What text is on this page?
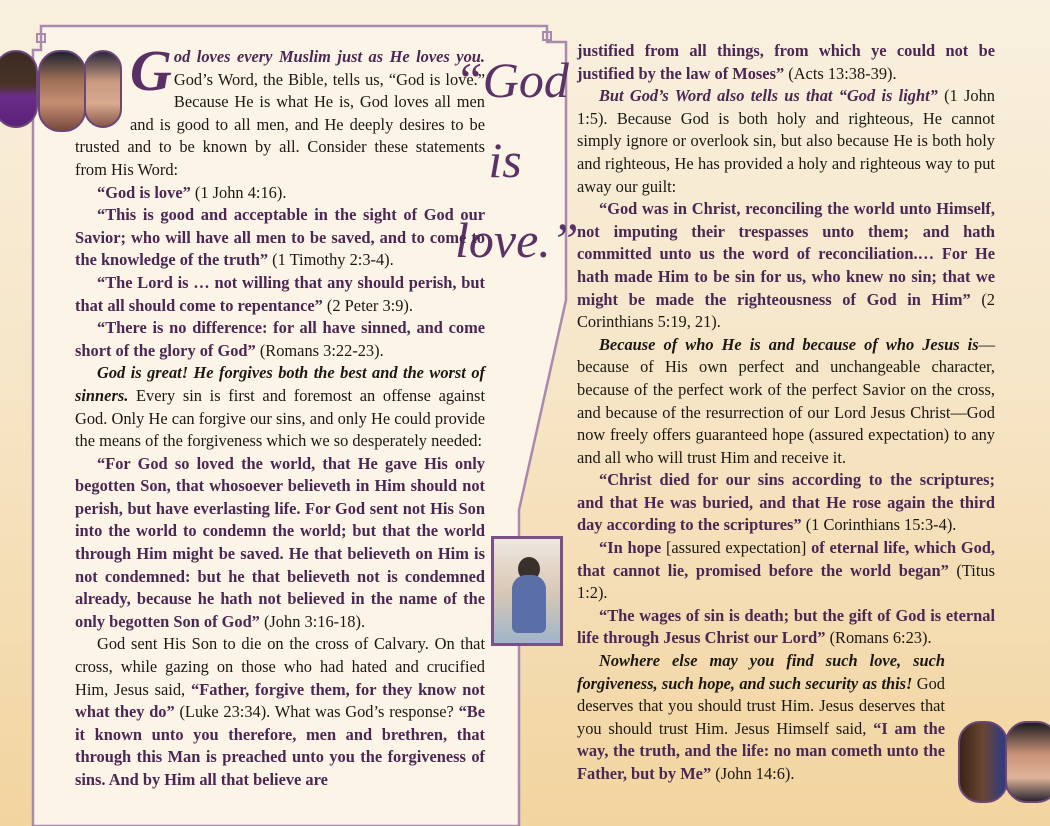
“God
is
love.”
G od loves every Muslim just as He loves you. God’s Word, the Bible, tells us, “God is love.” Because He is what He is, God loves all men and is good to all men, and He deeply desires to be trusted and to be known by all. Consider these statements from His Word:

“God is love” (1 John 4:16).

“This is good and acceptable in the sight of God our Savior; who will have all men to be saved, and to come to the knowledge of the truth” (1 Timothy 2:3-4).

“The Lord is … not willing that any should perish, but that all should come to repentance” (2 Peter 3:9).

“There is no difference: for all have sinned, and come short of the glory of God” (Romans 3:22-23).

God is great! He forgives both the best and the worst of sinners. Every sin is first and foremost an offense against God. Only He can forgive our sins, and only He could provide the means of the forgiveness which we so desperately needed:

“For God so loved the world, that He gave His only begotten Son, that whosoever believeth in Him should not perish, but have everlasting life. For God sent not His Son into the world to condemn the world; but that the world through Him might be saved. He that believeth on Him is not condemned: but he that believeth not is condemned already, because he hath not believed in the name of the only begotten Son of God” (John 3:16-18).

God sent His Son to die on the cross of Calvary. On that cross, while gazing on those who had hated and crucified Him, Jesus said, “Father, forgive them, for they know not what they do” (Luke 23:34). What was God’s response? “Be it known unto you therefore, men and brethren, that through this Man is preached unto you the forgiveness of sins. And by Him all that believe are

justified from all things, from which ye could not be justified by the law of Moses” (Acts 13:38-39).

But God’s Word also tells us that “God is light” (1 John 1:5). Because God is both holy and righteous, He cannot simply ignore or overlook sin, but also because He is both holy and righteous, He has provided a holy and righteous way to put away our guilt:

“God was in Christ, reconciling the world unto Himself, not imputing their trespasses unto them; and hath committed unto us the word of reconciliation.… For He hath made Him to be sin for us, who knew no sin; that we might be made the righteousness of God in Him” (2 Corinthians 5:19, 21).

Because of who He is and because of who Jesus is—because of His own perfect and unchangeable character, because of the perfect work of the perfect Savior on the cross, and because of the resurrection of our Lord Jesus Christ—God now freely offers guaranteed hope (assured expectation) to any and all who will trust Him and receive it.

“Christ died for our sins according to the scriptures; and that He was buried, and that He rose again the third day according to the scriptures” (1 Corinthians 15:3-4).

“In hope [assured expectation] of eternal life, which God, that cannot lie, promised before the world began” (Titus 1:2).

“The wages of sin is death; but the gift of God is eternal life through Jesus Christ our Lord” (Romans 6:23).

Nowhere else may you find such love, such forgiveness, such hope, and such security as this! God deserves that you should trust Him. Jesus deserves that you should trust Him. Jesus Himself said, “I am the way, the truth, and the life: no man cometh unto the Father, but by Me” (John 14:6).
